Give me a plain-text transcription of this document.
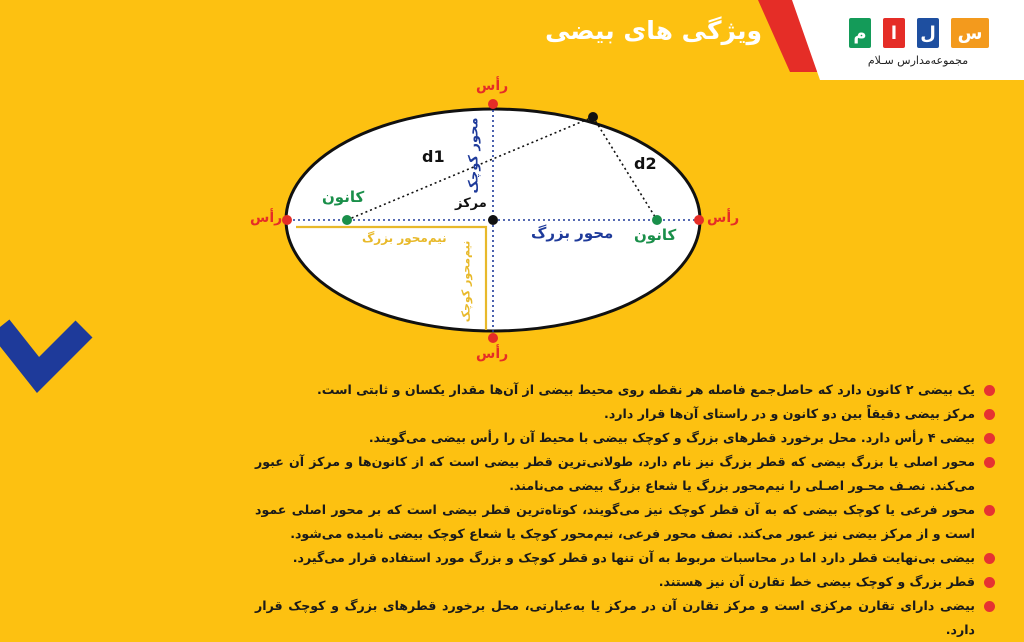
ویژگی های بیضی	م	ا	ل	س
مجموعه‌مدارس سـلام
رأس
رأس
رأس	رأس
کانون
کانون
مرکز
محور بزرگ
محور کوچک
نیم‌محور بزرگ
نیم‌محور کوچک
d1	d2
یک بیضی ۲ کانون دارد که حاصل‌جمع فاصله هر نقطه روی محیط بیضی از آن‌ها مقدار یکسان و ثابتی است.
مرکز بیضی دقیقاً بین دو کانون و در راستای آن‌ها قرار دارد.
بیضی ۴ رأس دارد. محل برخورد قطرهای بزرگ و کوچک بیضی با محیط آن را رأس بیضی می‌گویند.
محور اصلی یا بزرگ بیضی که قطر بزرگ نیز نام دارد، طولانی‌ترین قطر بیضی است که از کانون‌ها و مرکز آن عبور می‌کند. نصـف محـور اصـلی را نیم‌محور بزرگ یا شعاع بزرگ بیضی می‌نامند.
محور فرعی یا کوچک بیضی که به آن قطر کوچک نیز می‌گویند، کوتاه‌ترین قطر بیضی است که بر محور اصلی عمود است و از مرکز بیضی نیز عبور می‌کند. نصف محور فرعی، نیم‌محور کوچک یا شعاع کوچک بیضی نامیده می‌شود.
بیضی بی‌نهایت قطر دارد اما در محاسبات مربوط به آن تنها دو قطر کوچک و بزرگ مورد استفاده قرار می‌گیرد.
قطر بزرگ و کوچک بیضی خط تقارن آن نیز هستند.
بیضی دارای تقارن مرکزی است و مرکز تقارن آن در مرکز یا به‌عبارتی، محل برخورد قطرهای بزرگ و کوچک قرار دارد.
